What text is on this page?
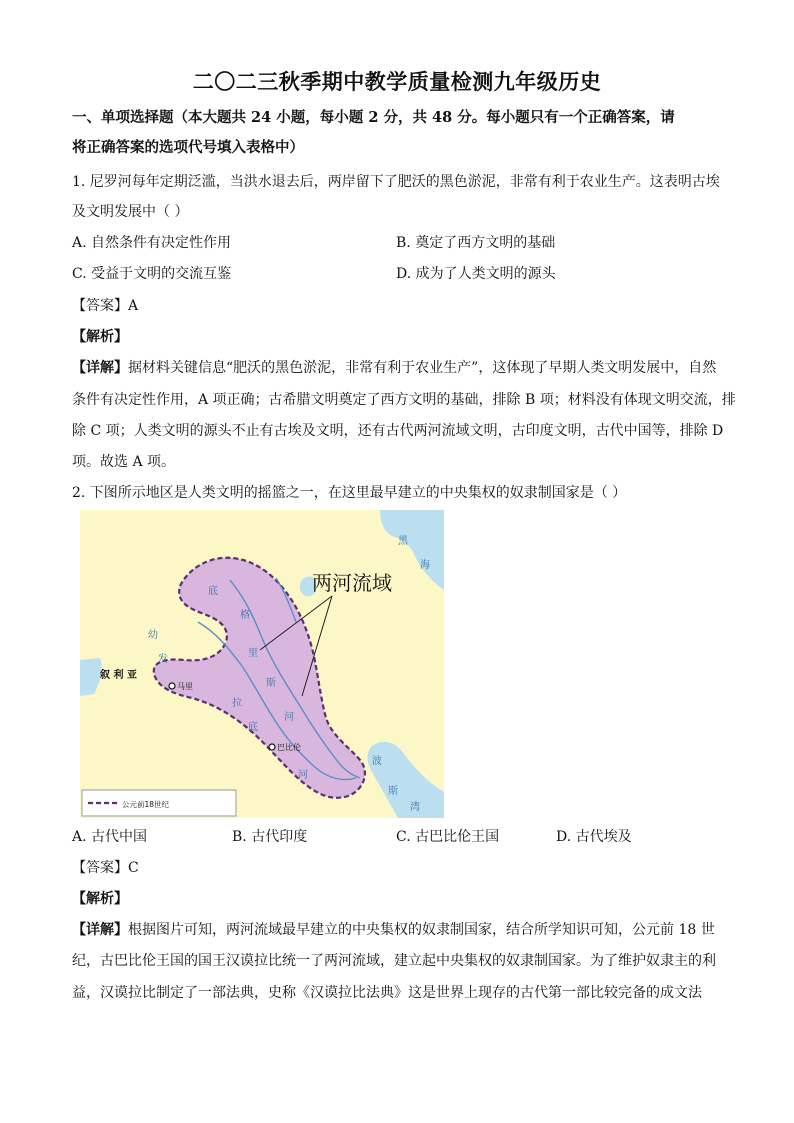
二〇二三秋季期中教学质量检测九年级历史
一、单项选择题（本大题共 24 小题，每小题 2 分，共 48 分。每小题只有一个正确答案，请
将正确答案的选项代号填入表格中）
1. 尼罗河每年定期泛滥，当洪水退去后，两岸留下了肥沃的黑色淤泥，非常有利于农业生产。这表明古埃
及文明发展中（ ）
A. 自然条件有决定性作用	B. 奠定了西方文明的基础
C. 受益于文明的交流互鉴	D. 成为了人类文明的源头
【答案】A
【解析】
【详解】据材料关键信息“肥沃的黑色淤泥，非常有利于农业生产”，这体现了早期人类文明发展中，自然
条件有决定性作用，A 项正确；古希腊文明奠定了西方文明的基础，排除 B 项；材料没有体现文明交流，排
除 C 项；人类文明的源头不止有古埃及文明，还有古代两河流域文明，古印度文明，古代中国等，排除 D
项。故选 A 项。
2. 下图所示地区是人类文明的摇篮之一，在这里最早建立的中央集权的奴隶制国家是（ ）
两河流域
叙 利 亚
马里
巴比伦
黑
海
幼
发
拉
底
河
底
格
里
斯
河
波
斯
湾
公元前18世纪
A. 古代中国	B. 古代印度	C. 古巴比伦王国	D. 古代埃及
【答案】C
【解析】
【详解】根据图片可知，两河流域最早建立的中央集权的奴隶制国家，结合所学知识可知，公元前 18 世
纪，古巴比伦王国的国王汉谟拉比统一了两河流域，建立起中央集权的奴隶制国家。为了维护奴隶主的利
益，汉谟拉比制定了一部法典，史称《汉谟拉比法典》这是世界上现存的古代第一部比较完备的成文法
